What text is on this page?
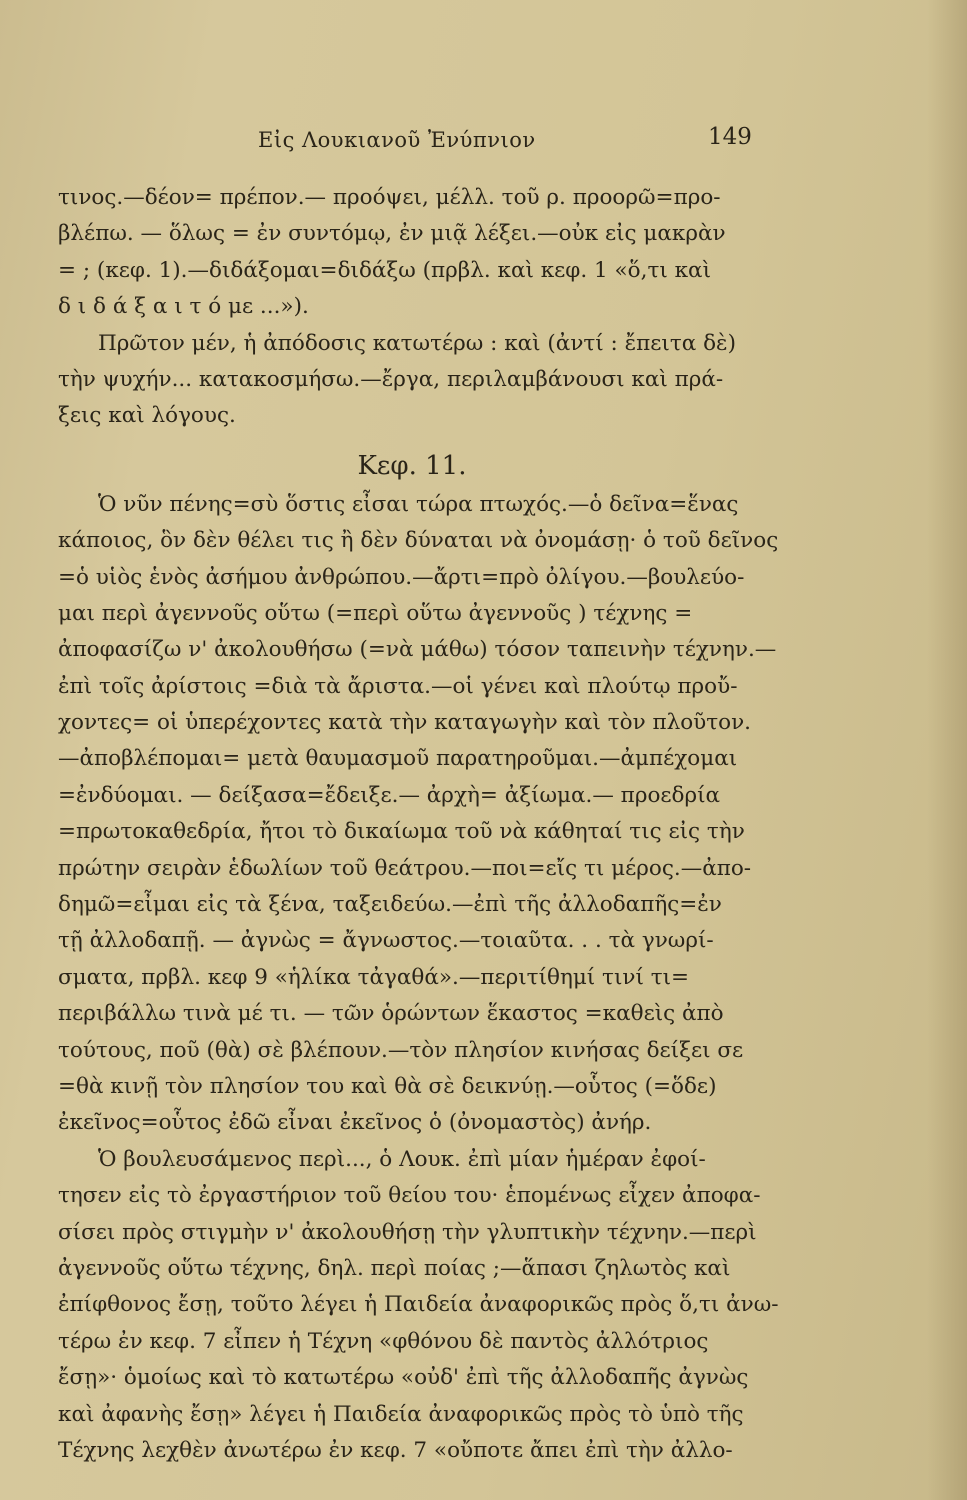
Εἰς Λουκιανοῦ Ἐνύπνιον	149
τινος.—δέον= πρέπον.— προόψει, μέλλ. τοῦ ρ. προορῶ=προ-
βλέπω. — ὅλως = ἐν συντόμῳ, ἐν μιᾷ λέξει.—οὐκ εἰς μακρὰν
= ; (κεφ. 1).—διδάξομαι=διδάξω (πρβλ. καὶ κεφ. 1 «ὅ,τι καὶ
δ ι δ ά ξ α ι τ ό με ...»).
Πρῶτον μέν, ἡ ἀπόδοσις κατωτέρω : καὶ (ἀντί : ἔπειτα δὲ)
τὴν ψυχήν... κατακοσμήσω.—ἔργα, περιλαμβάνουσι καὶ πρά-
ξεις καὶ λόγους.
Κεφ. 11.
Ὁ νῦν πένης=σὺ ὅστις εἶσαι τώρα πτωχός.—ὁ δεῖνα=ἕνας
κάποιος, ὃν δὲν θέλει τις ἢ δὲν δύναται νὰ ὀνομάσῃ· ὁ τοῦ δεῖνος
=ὁ υἱὸς ἑνὸς ἀσήμου ἀνθρώπου.—ἄρτι=πρὸ ὀλίγου.—βουλεύο-
μαι περὶ ἀγεννοῦς οὕτω (=περὶ οὕτω ἀγεννοῦς ) τέχνης =
ἀποφασίζω ν' ἀκολουθήσω (=νὰ μάθω) τόσον ταπεινὴν τέχνην.—
ἐπὶ τοῖς ἀρίστοις =διὰ τὰ ἄριστα.—οἱ γένει καὶ πλούτῳ προὔ-
χοντες= οἱ ὑπερέχοντες κατὰ τὴν καταγωγὴν καὶ τὸν πλοῦτον.
—ἀποβλέπομαι= μετὰ θαυμασμοῦ παρατηροῦμαι.—ἀμπέχομαι
=ἐνδύομαι. — δείξασα=ἔδειξε.— ἀρχὴ= ἀξίωμα.— προεδρία
=πρωτοκαθεδρία, ἤτοι τὸ δικαίωμα τοῦ νὰ κάθηταί τις εἰς τὴν
πρώτην σειρὰν ἑδωλίων τοῦ θεάτρου.—ποι=εἴς τι μέρος.—ἀπο-
δημῶ=εἶμαι εἰς τὰ ξένα, ταξειδεύω.—ἐπὶ τῆς ἀλλοδαπῆς=ἐν
τῇ ἀλλοδαπῇ. — ἀγνὼς = ἄγνωστος.—τοιαῦτα. . . τὰ γνωρί-
σματα, πρβλ. κεφ 9 «ἡλίκα τἀγαθά».—περιτίθημί τινί τι=
περιβάλλω τινὰ μέ τι. — τῶν ὁρώντων ἕκαστος =καθεὶς ἀπὸ
τούτους, ποῦ (θὰ) σὲ βλέπουν.—τὸν πλησίον κινήσας δείξει σε
=θὰ κινῇ τὸν πλησίον του καὶ θὰ σὲ δεικνύῃ.—οὗτος (=ὅδε)
ἐκεῖνος=οὗτος ἐδῶ εἶναι ἐκεῖνος ὁ (ὀνομαστὸς) ἀνήρ.
Ὁ βουλευσάμενος περὶ..., ὁ Λουκ. ἐπὶ μίαν ἡμέραν ἐφοί-
τησεν εἰς τὸ ἐργαστήριον τοῦ θείου του· ἑπομένως εἶχεν ἀποφα-
σίσει πρὸς στιγμὴν ν' ἀκολουθήσῃ τὴν γλυπτικὴν τέχνην.—περὶ
ἀγεννοῦς οὕτω τέχνης, δηλ. περὶ ποίας ;—ἅπασι ζηλωτὸς καὶ
ἐπίφθονος ἔσῃ, τοῦτο λέγει ἡ Παιδεία ἀναφορικῶς πρὸς ὅ,τι ἀνω-
τέρω ἐν κεφ. 7 εἶπεν ἡ Τέχνη «φθόνου δὲ παντὸς ἀλλότριος
ἔσῃ»· ὁμοίως καὶ τὸ κατωτέρω «οὐδ' ἐπὶ τῆς ἀλλοδαπῆς ἀγνὼς
καὶ ἀφανὴς ἔσῃ» λέγει ἡ Παιδεία ἀναφορικῶς πρὸς τὸ ὑπὸ τῆς
Τέχνης λεχθὲν ἀνωτέρω ἐν κεφ. 7 «οὔποτε ἄπει ἐπὶ τὴν ἀλλο-
